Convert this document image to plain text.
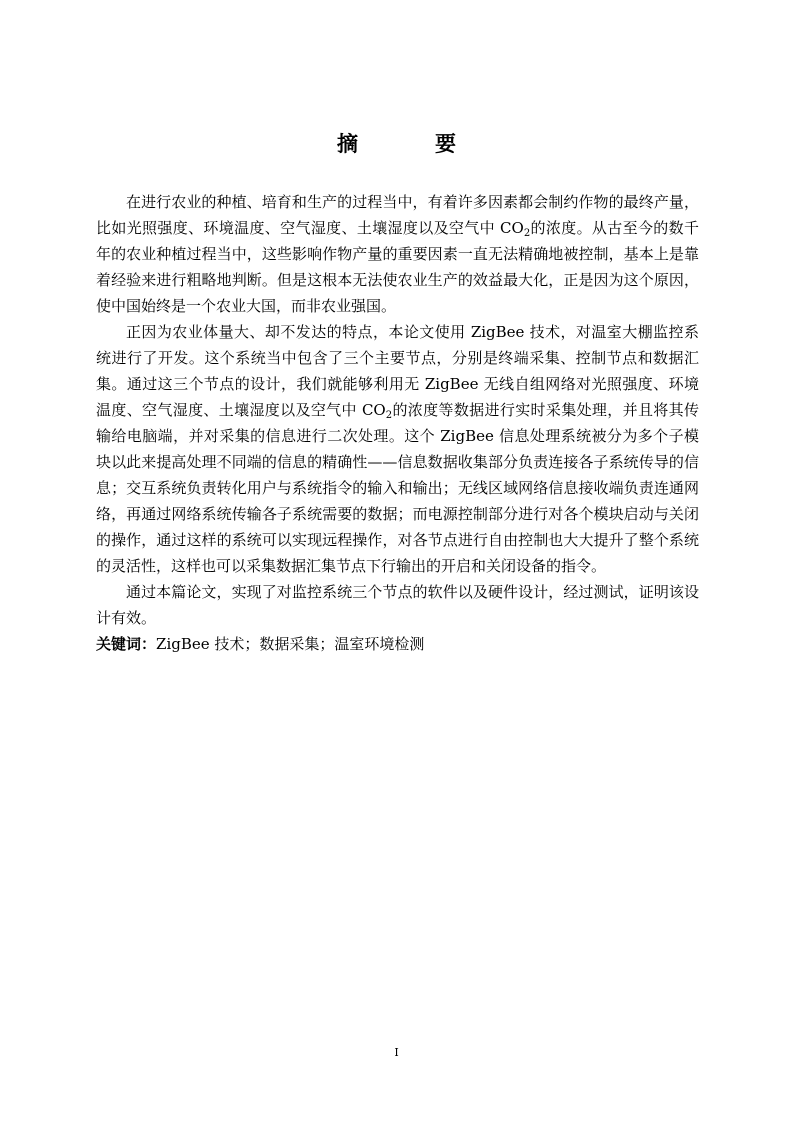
摘　要

在进行农业的种植、培育和生产的过程当中，有着许多因素都会制约作物的最终产量，比如光照强度、环境温度、空气湿度、土壤湿度以及空气中 $CO_2$的浓度。从古至今的数千年的农业种植过程当中，这些影响作物产量的重要因素一直无法精确地被控制，基本上是靠着经验来进行粗略地判断。但是这根本无法使农业生产的效益最大化，正是因为这个原因，使中国始终是一个农业大国，而非农业强国。

正因为农业体量大、却不发达的特点，本论文使用 ZigBee 技术，对温室大棚监控系统进行了开发。这个系统当中包含了三个主要节点，分别是终端采集、控制节点和数据汇集。通过这三个节点的设计，我们就能够利用无 ZigBee 无线自组网络对光照强度、环境温度、空气湿度、土壤湿度以及空气中 $CO_2$的浓度等数据进行实时采集处理，并且将其传输给电脑端，并对采集的信息进行二次处理。这个 ZigBee 信息处理系统被分为多个子模块以此来提高处理不同端的信息的精确性——信息数据收集部分负责连接各子系统传导的信息；交互系统负责转化用户与系统指令的输入和输出；无线区域网络信息接收端负责连通网络，再通过网络系统传输各子系统需要的数据；而电源控制部分进行对各个模块启动与关闭的操作，通过这样的系统可以实现远程操作，对各节点进行自由控制也大大提升了整个系统的灵活性，这样也可以采集数据汇集节点下行输出的开启和关闭设备的指令。

通过本篇论文，实现了对监控系统三个节点的软件以及硬件设计，经过测试，证明该设计有效。

关键词：ZigBee 技术；数据采集；温室环境检测

I
